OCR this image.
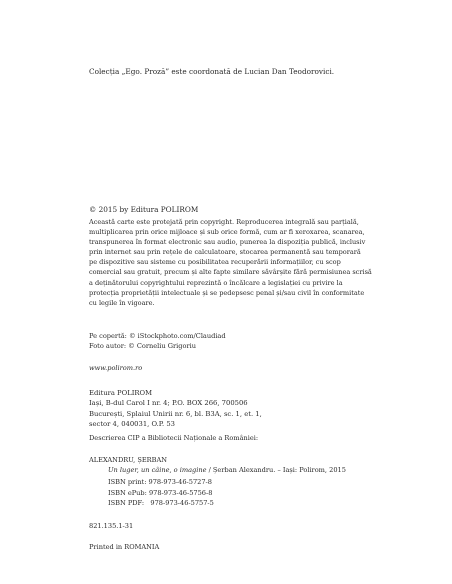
Colecția „Ego. Proză” este coordonată de Lucian Dan Teodorovici.
© 2015 by Editura POLIROM
Această carte este protejată prin copyright. Reproducerea integrală sau parțială,
multiplicarea prin orice mijloace și sub orice formă, cum ar fi xeroxarea, scanarea,
transpunerea în format electronic sau audio, punerea la dispoziția publică, inclusiv
prin internet sau prin rețele de calculatoare, stocarea permanentă sau temporară
pe dispozitive sau sisteme cu posibilitatea recuperării informațiilor, cu scop
comercial sau gratuit, precum și alte fapte similare săvârșite fără permisiunea scrisă
a deținătorului copyrightului reprezintă o încălcare a legislației cu privire la
protecția proprietății intelectuale și se pedepsesc penal și/sau civil în conformitate
cu legile în vigoare.
Pe copertă: © iStockphoto.com/Claudiad
Foto autor: © Corneliu Grigoriu
www.polirom.ro
Editura POLIROM
Iași, B-dul Carol I nr. 4; P.O. BOX 266, 700506
București, Splaiul Unirii nr. 6, bl. B3A, sc. 1, et. 1,
sector 4, 040031, O.P. 53
Descrierea CIP a Bibliotecii Naționale a României:
ALEXANDRU, ȘERBAN
Un luger, un câine, o imagine / Șerban Alexandru. – Iași: Polirom, 2015
ISBN print: 978-973-46-5727-8
ISBN ePub: 978-973-46-5756-8
ISBN PDF:   978-973-46-5757-5
821.135.1-31
Printed in ROMANIA
